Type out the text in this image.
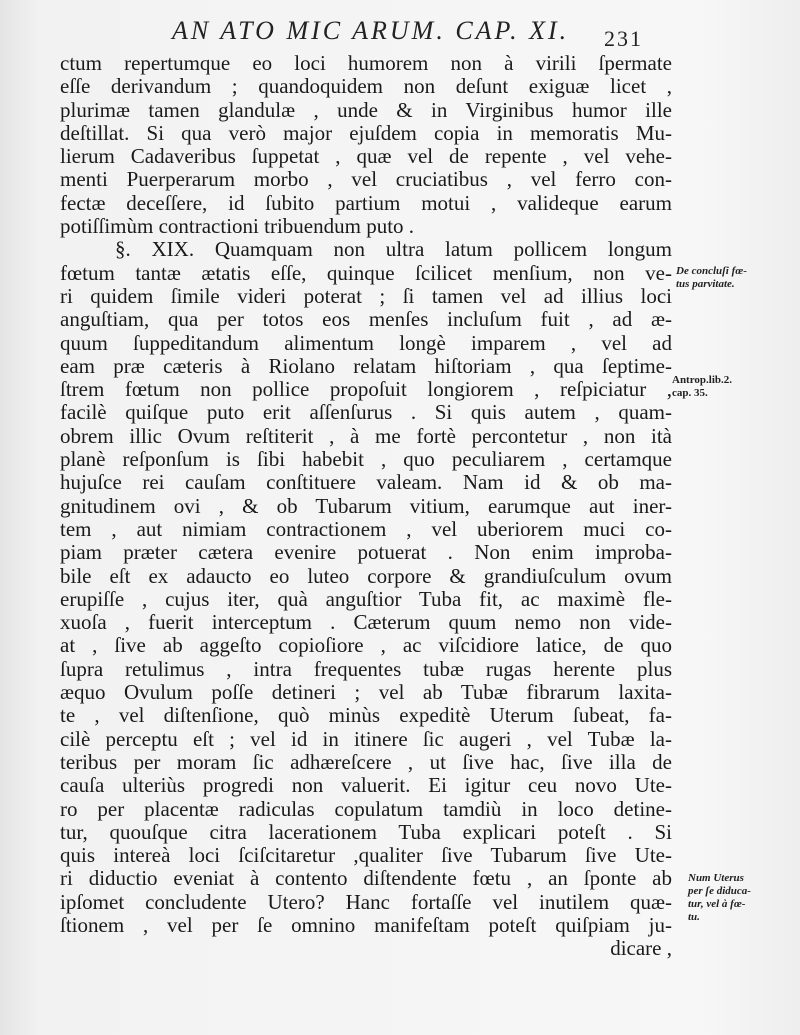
AN ATO MIC ARUM. CAP. XI. 231
ctum repertumque eo loci humorem non à virili ſpermate
eſſe derivandum ; quandoquidem non deſunt exiguæ licet ,
plurimæ tamen glandulæ , unde & in Virginibus humor ille
deſtillat. Si qua verò major ejuſdem copia in memoratis Mu-
lierum Cadaveribus ſuppetat , quæ vel de repente , vel vehe-
menti Puerperarum morbo , vel cruciatibus , vel ferro con-
fectæ deceſſere, id ſubito partium motui , valideque earum
potiſſimùm contractioni tribuendum puto .
§. XIX. Quamquam non ultra latum pollicem longum
fœtum tantæ ætatis eſſe, quinque ſcilicet menſium, non ve-
ri quidem ſimile videri poterat ; ſi tamen vel ad illius loci
anguſtiam, qua per totos eos menſes incluſum fuit , ad æ-
quum ſuppeditandum alimentum longè imparem , vel ad
eam præ cæteris à Riolano relatam hiſtoriam , qua ſeptime-
ſtrem fœtum non pollice propoſuit longiorem , reſpiciatur ,
facilè quiſque puto erit aſſenſurus . Si quis autem , quam-
obrem illic Ovum reſtiterit , à me fortè percontetur , non ità
planè reſponſum is ſibi habebit , quo peculiarem , certamque
hujuſce rei cauſam conſtituere valeam. Nam id & ob ma-
gnitudinem ovi , & ob Tubarum vitium, earumque aut iner-
tem , aut nimiam contractionem , vel uberiorem muci co-
piam præter cætera evenire potuerat . Non enim improba-
bile eſt ex adaucto eo luteo corpore & grandiuſculum ovum
erupiſſe , cujus iter, quà anguſtior Tuba fit, ac maximè fle-
xuoſa , fuerit interceptum . Cæterum quum nemo non vide-
at , ſive ab aggeſto copioſiore , ac viſcidiore latice, de quo
ſupra retulimus , intra frequentes tubæ rugas herente plus
æquo Ovulum poſſe detineri ; vel ab Tubæ fibrarum laxita-
te , vel diſtenſione, quò minùs expeditè Uterum ſubeat, fa-
cilè perceptu eſt ; vel id in itinere ſic augeri , vel Tubæ la-
teribus per moram ſic adhæreſcere , ut ſive hac, ſive illa de
cauſa ulteriùs progredi non valuerit. Ei igitur ceu novo Ute-
ro per placentæ radiculas copulatum tamdiù in loco detine-
tur, quouſque citra lacerationem Tuba explicari poteſt . Si
quis intereà loci ſciſcitaretur ,qualiter ſive Tubarum ſive Ute-
ri diductio eveniat à contento diſtendente fœtu , an ſponte ab
ipſomet concludente Utero? Hanc fortaſſe vel inutilem quæ-
ſtionem , vel per ſe omnino manifeſtam poteſt quiſpiam ju-
dicare ,
De concluſi fœ-
tus parvitate.
Antrop.lib.2.
cap. 35.
Num Uterus
per ſe diduca-
tur, vel à fœ-
tu.
